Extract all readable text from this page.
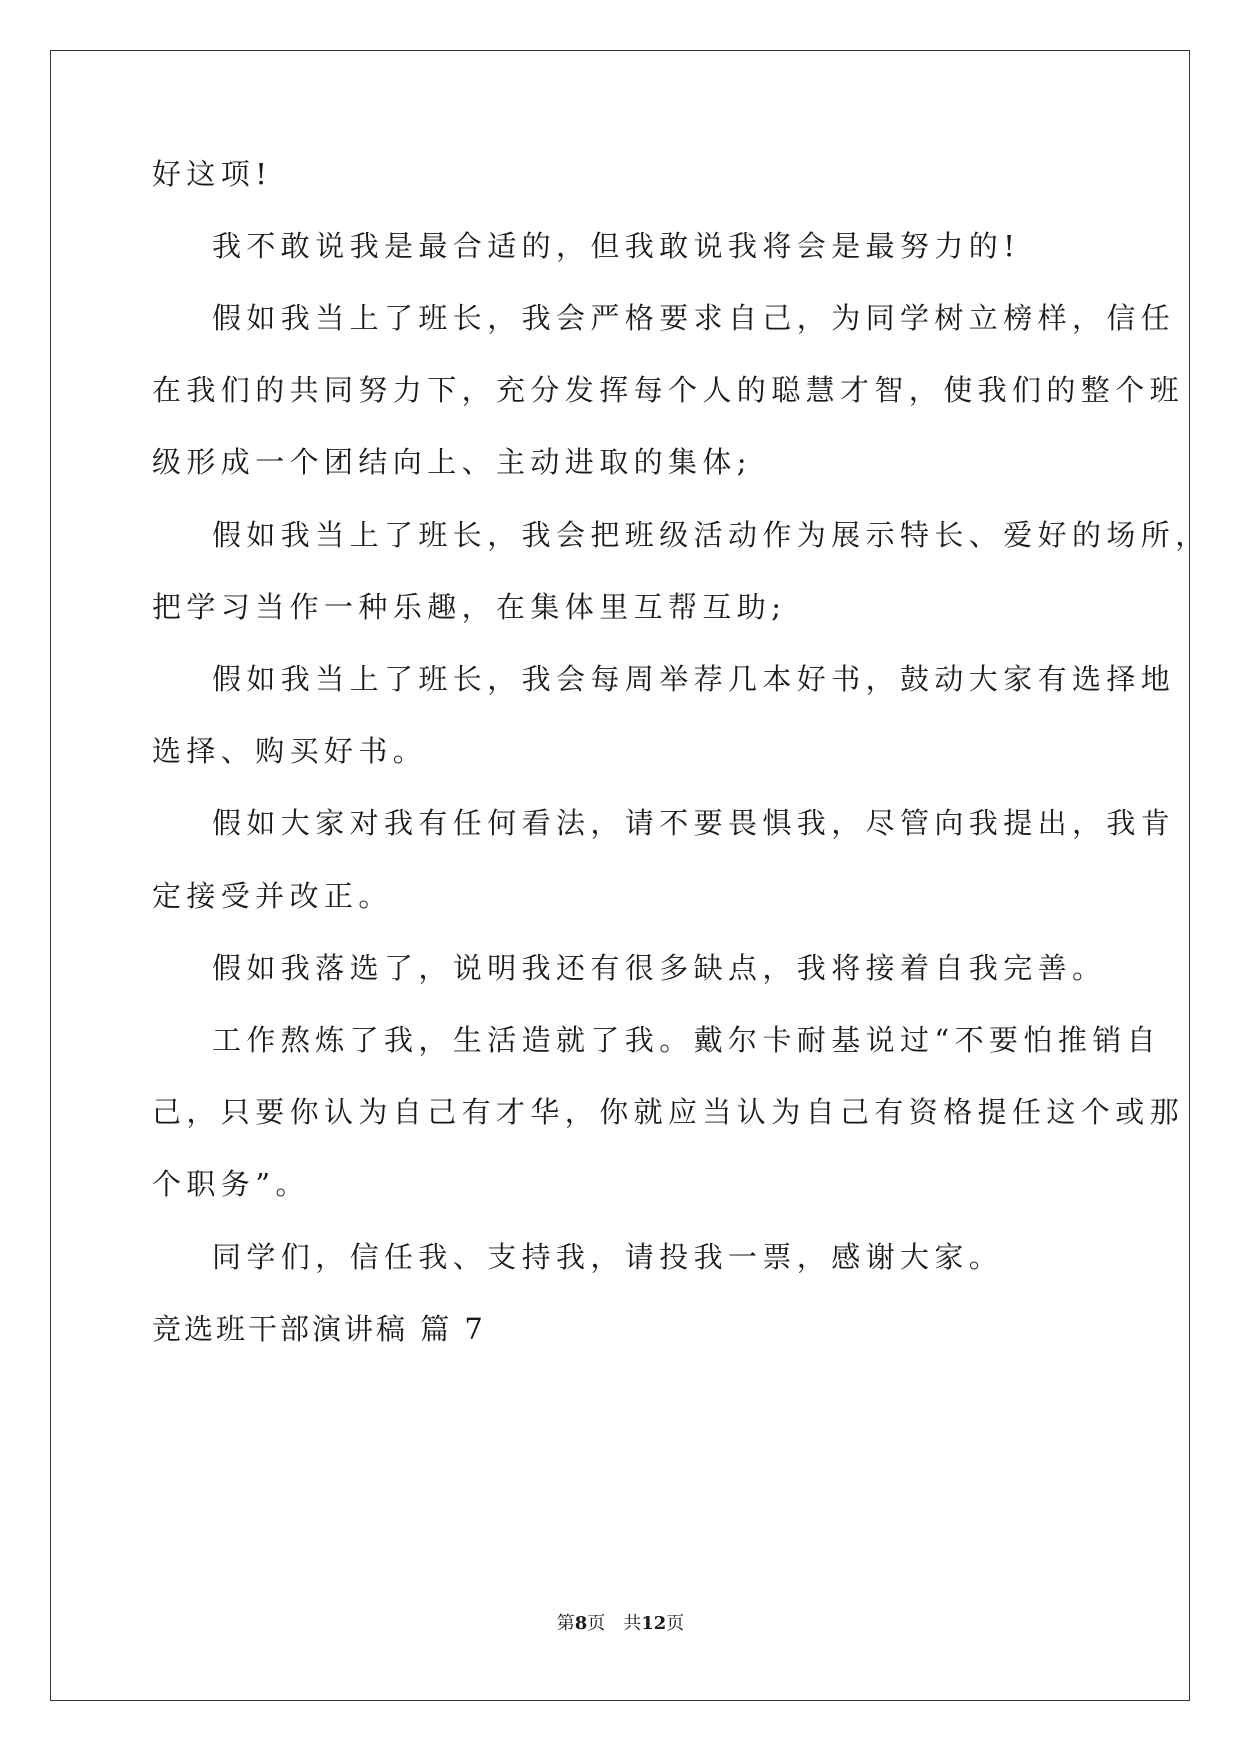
好这项!
我不敢说我是最合适的，但我敢说我将会是最努力的!
假如我当上了班长，我会严格要求自己，为同学树立榜样，信任
在我们的共同努力下，充分发挥每个人的聪慧才智，使我们的整个班
级形成一个团结向上、主动进取的集体;
假如我当上了班长，我会把班级活动作为展示特长、爱好的场所，
把学习当作一种乐趣，在集体里互帮互助;
假如我当上了班长，我会每周举荐几本好书，鼓动大家有选择地
选择、购买好书。
假如大家对我有任何看法，请不要畏惧我，尽管向我提出，我肯
定接受并改正。
假如我落选了，说明我还有很多缺点，我将接着自我完善。
工作熬炼了我，生活造就了我。戴尔卡耐基说过“不要怕推销自
己，只要你认为自己有才华，你就应当认为自己有资格提任这个或那
个职务”。
同学们，信任我、支持我，请投我一票，感谢大家。
竞选班干部演讲稿 篇 7
第8页 共12页
